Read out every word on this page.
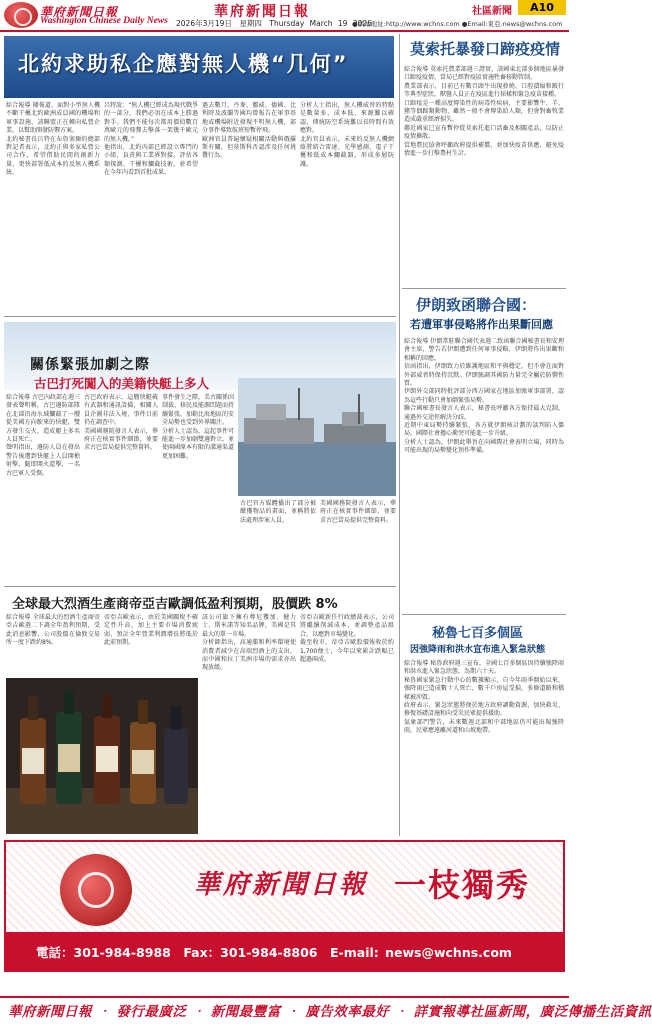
華府新聞日報
Washington Chinese Daily News
華府新聞日報
2026年3月19日　星期四　Thursday March 19 2026
社區新聞	A10
●網站地址:http://www.wchns.com ●Email:東亞.news@wchns.com
北約求助私企應對無人機“几何”

綜合報導 據報道，面對小型無人機不斷干擾北約歐洲成員國的機場和軍事設施，該聯盟正在轉向私營企業，以幫助開發防禦方案。

北約秘書長呂特在布魯塞爾的總部對記者表示，北約正與多家私營公司合作，希望借助民間的創新力量，更快部署低成本的反無人機系統。

呂特說：“無人機已經成為現代戰爭的一部分，我們必須在成本上勝過對手。我們不能每次都用價值數百萬歐元的飛彈去擊落一架幾千歐元的無人機。”

他指出，北約內部已經設立專門的小組，負責與工業界對接，評估各類探測、干擾和攔截技術，並希望在今年內看到首批成果。

過去數月，丹麥、挪威、德國、比利時及波蘭等國均曾報告在軍事基地或機場附近發現不明無人機，部分事件導致航班短暫停飛。

歐洲官員普遍懷疑相關活動與俄羅斯有關，但莫斯科否認涉及任何挑釁行為。

分析人士指出，無人機威脅的特點是數量多、成本低、來源難以確認，傳統防空系統難以長時間有效應對。

北約官員表示，未來的反無人機網絡將結合雷達、光學感測、電子干擾和低成本攔截器，形成多層防護。

關係緊張加劇之際
古巴打死闖入的美籍快艇上多人

綜合報導 古巴內政部在週三發表聲明稱，古巴邊防部隊在北部沿海水域攔截了一艘從美國方向駛來的快艇，雙方發生交火，造成艇上多名人員死亡。

聲明指出，邊防人員在發出警告後遭到快艇上人員開槍射擊，隨即開火還擊，一名古巴軍人受傷。

古巴政府表示，這艘快艇載有武器和通訊設備，相關人員企圖非法入境，事件目前仍在調查中。

美國國務院發言人表示，華府正在核實事件細節，並要求古巴當局提供完整資料。

事件發生之際，美古關係因制裁、移民及能源問題而持續緊張，加勒比海地區的安全局勢也受到外界關注。

分析人士認為，這起事件可能進一步加劇雙邊對立，並使兩國原本有限的溝通渠道更加困難。

古巴官方媒體播出了部分被繳獲物品的畫面，並稱將依法處理涉案人員。

美國國務院發言人表示，華府正在核實事件細節，並要求古巴當局提供完整資料。

全球最大烈酒生產商帝亞吉歐調低盈利預期，股價跌 8%

綜合報導 全球最大的烈酒生產商帝亞吉歐週二下調全年盈利預期，受此消息影響，公司股價在倫敦交易所一度下跌約8%。

帝亞吉歐表示，由於美國關稅不確定性升高，加上主要市場消費疲弱，預計全年營業利潤增長將低於此前預期。

該公司旗下擁有尊尼獲加、健力士、斯米諾等知名品牌，美國是其最大的單一市場。

分析師指出，高通脹和利率環境使消費者減少在高端烈酒上的支出，而中國和拉丁美洲市場的需求亦出現放緩。

帝亞吉歐新任行政總裁表示，公司將繼續削減成本，並調整產品組合，以應對市場變化。

截至收市，帝亞吉歐股價報收於約1,700便士，今年以來累計跌幅已超過兩成。

莫索托暴發口蹄疫疫情

綜合報導 莫索托農業部週三證實，該國東北部多個地區暴發口蹄疫疫情，當局已經對疫區實施牲畜移動管制。

農業部表示，目前已有數百頭牛出現發燒、口腔潰瘍和跛行等典型症狀，獸醫人員正在疫區進行採樣和緊急疫苗接種。

口蹄疫是一種高度傳染性的病毒性疾病，主要影響牛、羊、豬等偶蹄類動物，雖然一般不會傳染給人類，但會對畜牧業造成嚴重經濟損失。

鄰近國家已宣布暫停從莫索托進口活畜及相關產品，以防止疫情擴散。

當地農民協會呼籲政府提供補償，並加快疫苗供應，避免疫情進一步打擊農村生計。

伊朗致函聯合國：
若遭軍事侵略將作出果斷回應

綜合報導 伊朗常駐聯合國代表週二致函聯合國秘書長和安理會主席，警告若伊朗遭到任何軍事侵略，伊朗將作出果斷和相稱的回應。

信函指出，伊朗致力於維護地區和平與穩定，但不會在面對外部威脅時保持沉默。伊朗強調其國防力量完全屬於防禦性質。

伊朗外交部同時批評部分西方國家在地區加強軍事部署，認為這些行動只會加劇緊張局勢。

聯合國秘書長發言人表示，秘書長呼籲各方保持最大克制，通過外交途徑解決分歧。

近期中東局勢持續緊張，各方就伊朗核計劃的談判陷入僵局，國際社會擔心衝突可能進一步升級。

分析人士認為，伊朗此舉旨在向國際社會表明立場，同時為可能出現的局勢變化預作準備。

秘魯七百多個區
因強降雨和洪水宣布進入緊急狀態

綜合報導 秘魯政府週三宣布，全國七百多個區因持續強降雨和洪水進入緊急狀態，為期六十天。

秘魯國家緊急行動中心的數據顯示，自今年雨季開始以來，強降雨已造成數十人死亡，數千戶房屋受損，多條道路和橋樑被沖毀。

政府表示，緊急狀態將便於地方政府調動資源，加快救災、修復基礎設施和向受災民眾提供援助。

氣象部門警告，未來數週北部和中部地區仍可能出現強降雨，民眾應遠離河道和山坡地帶。

華府新聞日報 一枝獨秀
電話：301-984-8988　Fax：301-984-8806　E-mail: news@wchns.com
華府新聞日報 ‧ 發行最廣泛 ‧ 新聞最豐富 ‧ 廣告效率最好 ‧ 詳實報導社區新聞，廣泛傳播生活資訊
